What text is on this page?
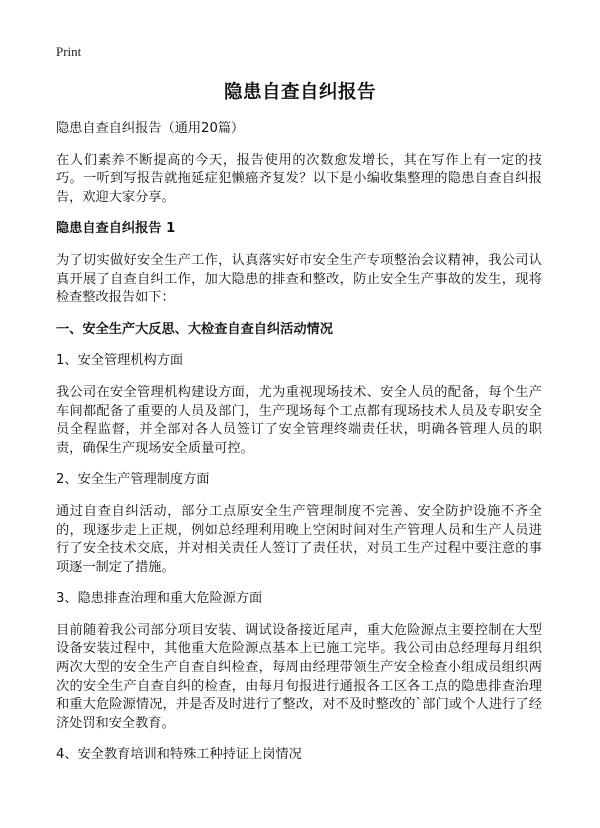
Print
隐患自查自纠报告

隐患自查自纠报告（通用20篇）

在人们素养不断提高的今天，报告使用的次数愈发增长，其在写作上有一定的技巧。一听到写报告就拖延症犯懒癌齐复发？以下是小编收集整理的隐患自查自纠报告，欢迎大家分享。

隐患自查自纠报告 1

为了切实做好安全生产工作，认真落实好市安全生产专项整治会议精神，我公司认真开展了自查自纠工作，加大隐患的排查和整改，防止安全生产事故的发生，现将检查整改报告如下：

一、安全生产大反思、大检查自查自纠活动情况

1、安全管理机构方面

我公司在安全管理机构建设方面，尤为重视现场技术、安全人员的配备，每个生产车间都配备了重要的人员及部门，生产现场每个工点都有现场技术人员及专职安全员全程监督，并全部对各人员签订了安全管理终端责任状，明确各管理人员的职责，确保生产现场安全质量可控。

2、安全生产管理制度方面

通过自查自纠活动，部分工点原安全生产管理制度不完善、安全防护设施不齐全的，现逐步走上正规，例如总经理利用晚上空闲时间对生产管理人员和生产人员进行了安全技术交底，并对相关责任人签订了责任状，对员工生产过程中要注意的事项逐一制定了措施。

3、隐患排查治理和重大危险源方面

目前随着我公司部分项目安装、调试设备接近尾声，重大危险源点主要控制在大型设备安装过程中，其他重大危险源点基本上已施工完毕。我公司由总经理每月组织两次大型的安全生产自查自纠检查，每周由经理带领生产安全检查小组成员组织两次的安全生产自查自纠的检查，由每月旬报进行通报各工区各工点的隐患排查治理和重大危险源情况，并是否及时进行了整改，对不及时整改的`部门或个人进行了经济处罚和安全教育。

4、安全教育培训和特殊工种持证上岗情况
